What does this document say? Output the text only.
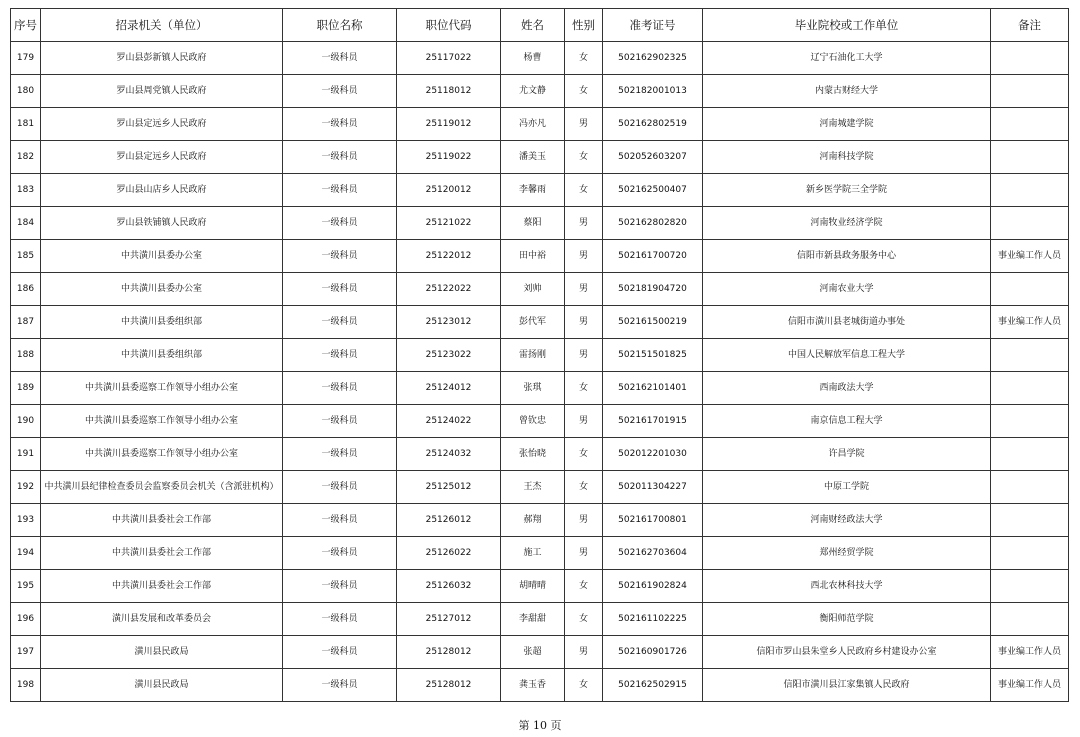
序号	招录机关（单位）	职位名称	职位代码	姓名	性别	准考证号	毕业院校或工作单位	备注
179	罗山县彭新镇人民政府	一级科员	25117022	杨曹	女	502162902325	辽宁石油化工大学	
180	罗山县周党镇人民政府	一级科员	25118012	尤文静	女	502182001013	内蒙古财经大学	
181	罗山县定远乡人民政府	一级科员	25119012	冯亦凡	男	502162802519	河南城建学院	
182	罗山县定远乡人民政府	一级科员	25119022	潘美玉	女	502052603207	河南科技学院	
183	罗山县山店乡人民政府	一级科员	25120012	李馨雨	女	502162500407	新乡医学院三全学院	
184	罗山县铁铺镇人民政府	一级科员	25121022	蔡阳	男	502162802820	河南牧业经济学院	
185	中共潢川县委办公室	一级科员	25122012	田中裕	男	502161700720	信阳市新县政务服务中心	事业编工作人员
186	中共潢川县委办公室	一级科员	25122022	刘帅	男	502181904720	河南农业大学	
187	中共潢川县委组织部	一级科员	25123012	彭代军	男	502161500219	信阳市潢川县老城街道办事处	事业编工作人员
188	中共潢川县委组织部	一级科员	25123022	雷扬刚	男	502151501825	中国人民解放军信息工程大学	
189	中共潢川县委巡察工作领导小组办公室	一级科员	25124012	张琪	女	502162101401	西南政法大学	
190	中共潢川县委巡察工作领导小组办公室	一级科员	25124022	曾钦忠	男	502161701915	南京信息工程大学	
191	中共潢川县委巡察工作领导小组办公室	一级科员	25124032	张怡晓	女	502012201030	许昌学院	
192	中共潢川县纪律检查委员会监察委员会机关（含派驻机构）	一级科员	25125012	王杰	女	502011304227	中原工学院	
193	中共潢川县委社会工作部	一级科员	25126012	郝翔	男	502161700801	河南财经政法大学	
194	中共潢川县委社会工作部	一级科员	25126022	施工	男	502162703604	郑州经贸学院	
195	中共潢川县委社会工作部	一级科员	25126032	胡晴晴	女	502161902824	西北农林科技大学	
196	潢川县发展和改革委员会	一级科员	25127012	李甜甜	女	502161102225	衡阳师范学院	
197	潢川县民政局	一级科员	25128012	张超	男	502160901726	信阳市罗山县朱堂乡人民政府乡村建设办公室	事业编工作人员
198	潢川县民政局	一级科员	25128012	龚玉香	女	502162502915	信阳市潢川县江家集镇人民政府	事业编工作人员
第 10 页
